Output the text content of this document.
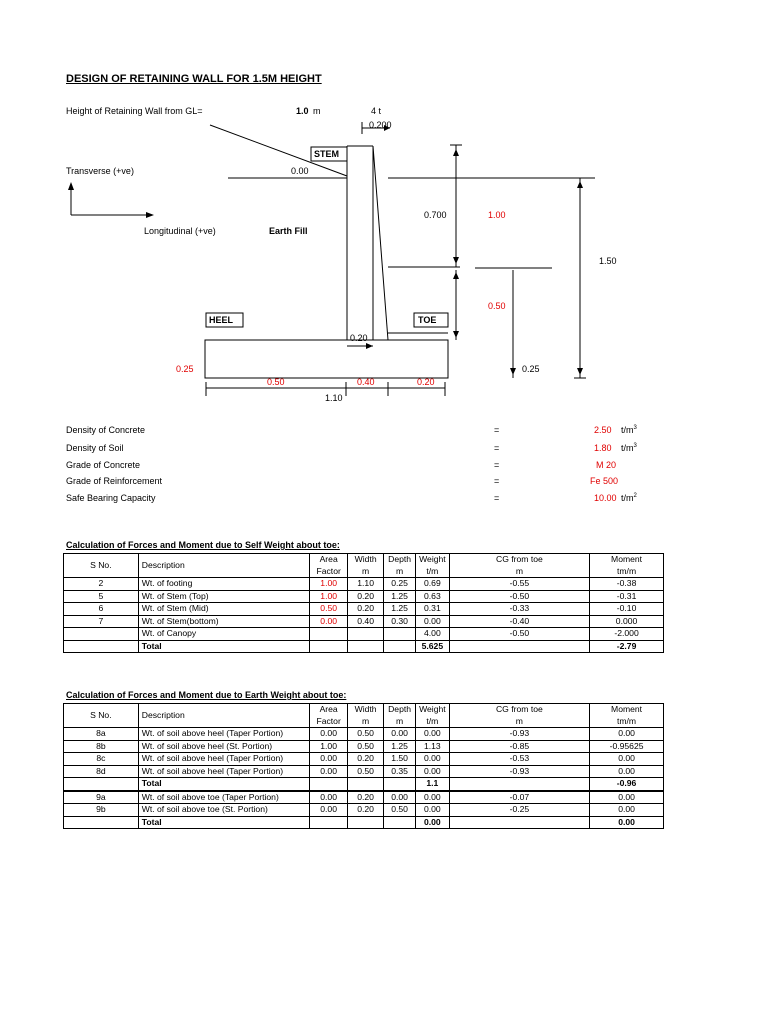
DESIGN OF RETAINING WALL FOR 1.5M HEIGHT
Height of Retaining Wall from GL=	1.0 m	4 t
0.200
STEM
Transverse (+ve)	0.00
Longitudinal (+ve)	Earth Fill
0.700	1.00
1.50
0.50
HEEL	TOE
0.20
0.25	0.25
0.50	0.40	0.20
1.10
Density of Concrete	=	2.50 $t/m^3$
Density of Soil	=	1.80 $t/m^3$
Grade of Concrete	=	M 20
Grade of Reinforcement	=	Fe 500
Safe Bearing Capacity	=	10.00 $t/m^2$
Calculation of Forces and Moment due to Self Weight about toe:
S No.	Description	Area	Width	Depth	Weight	CG from toe	Moment
		Factor	m	m	t/m	m	tm/m
2	Wt. of footing	1.00	1.10	0.25	0.69	-0.55	-0.38
5	Wt. of Stem (Top)	1.00	0.20	1.25	0.63	-0.50	-0.31
6	Wt. of Stem (Mid)	0.50	0.20	1.25	0.31	-0.33	-0.10
7	Wt. of Stem(bottom)	0.00	0.40	0.30	0.00	-0.40	0.000
	Wt. of Canopy				4.00	-0.50	-2.000
	Total				5.625		-2.79
Calculation of Forces and Moment due to Earth Weight about toe:
S No.	Description	Area	Width	Depth	Weight	CG from toe	Moment
		Factor	m	m	t/m	m	tm/m
8a	Wt. of soil above heel (Taper Portion)	0.00	0.50	0.00	0.00	-0.93	0.00
8b	Wt. of soil above heel (St. Portion)	1.00	0.50	1.25	1.13	-0.85	-0.95625
8c	Wt. of soil above heel (Taper Portion)	0.00	0.20	1.50	0.00	-0.53	0.00
8d	Wt. of soil above heel (Taper Portion)	0.00	0.50	0.35	0.00	-0.93	0.00
	Total				1.1		-0.96
9a	Wt. of soil above toe (Taper Portion)	0.00	0.20	0.00	0.00	-0.07	0.00
9b	Wt. of soil above toe (St. Portion)	0.00	0.20	0.50	0.00	-0.25	0.00
	Total				0.00		0.00
